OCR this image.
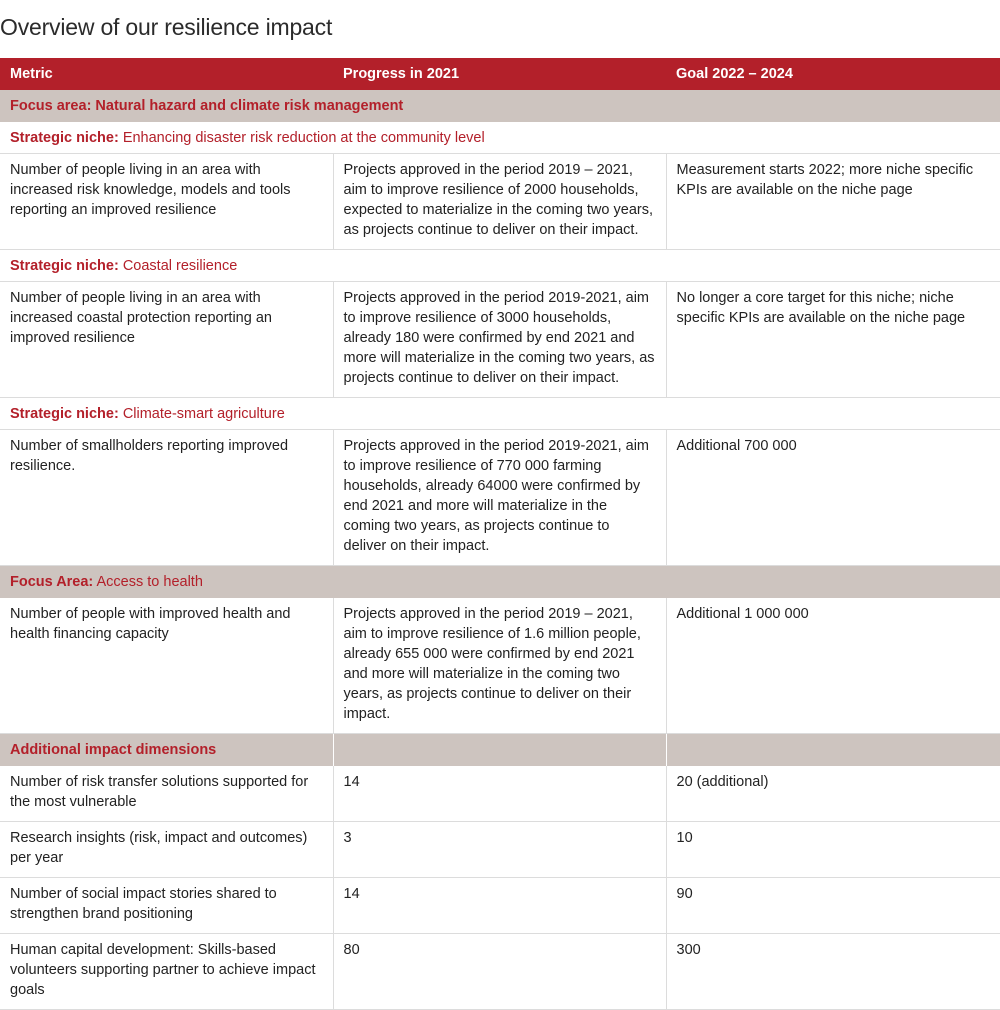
Overview of our resilience impact
Metric	Progress in 2021	Goal 2022 – 2024
Focus area: Natural hazard and climate risk management		
Strategic niche: Enhancing disaster risk reduction at the community level		
Number of people living in an area with increased risk knowledge, models and tools reporting an improved resilience	Projects approved in the period 2019 – 2021, aim to improve resilience of 2000 households, expected to materialize in the coming two years, as projects continue to deliver on their impact.	Measurement starts 2022; more niche specific KPIs are available on the niche page
Strategic niche: Coastal resilience		
Number of people living in an area with increased coastal protection reporting an improved resilience	Projects approved in the period 2019-2021, aim to improve resilience of 3000 households, already 180 were confirmed by end 2021 and more will materialize in the coming two years, as projects continue to deliver on their impact.	No longer a core target for this niche; niche specific KPIs are available on the niche page
Strategic niche: Climate-smart agriculture		
Number of smallholders reporting improved resilience.	Projects approved in the period 2019-2021, aim to improve resilience of 770 000 farming households, already 64000 were confirmed by end 2021 and more will materialize in the coming two years, as projects continue to deliver on their impact.	Additional 700 000
Focus Area: Access to health		
Number of people with improved health and health financing capacity	Projects approved in the period 2019 – 2021, aim to improve resilience of 1.6 million people, already 655 000 were confirmed by end 2021 and more will materialize in the coming two years, as projects continue to deliver on their impact.	Additional 1 000 000
Additional impact dimensions		
Number of risk transfer solutions supported for the most vulnerable	14	20 (additional)
Research insights (risk, impact and outcomes) per year	3	10
Number of social impact stories shared to strengthen brand positioning	14	90
Human capital development: Skills-based volunteers supporting partner to achieve impact goals	80	300
